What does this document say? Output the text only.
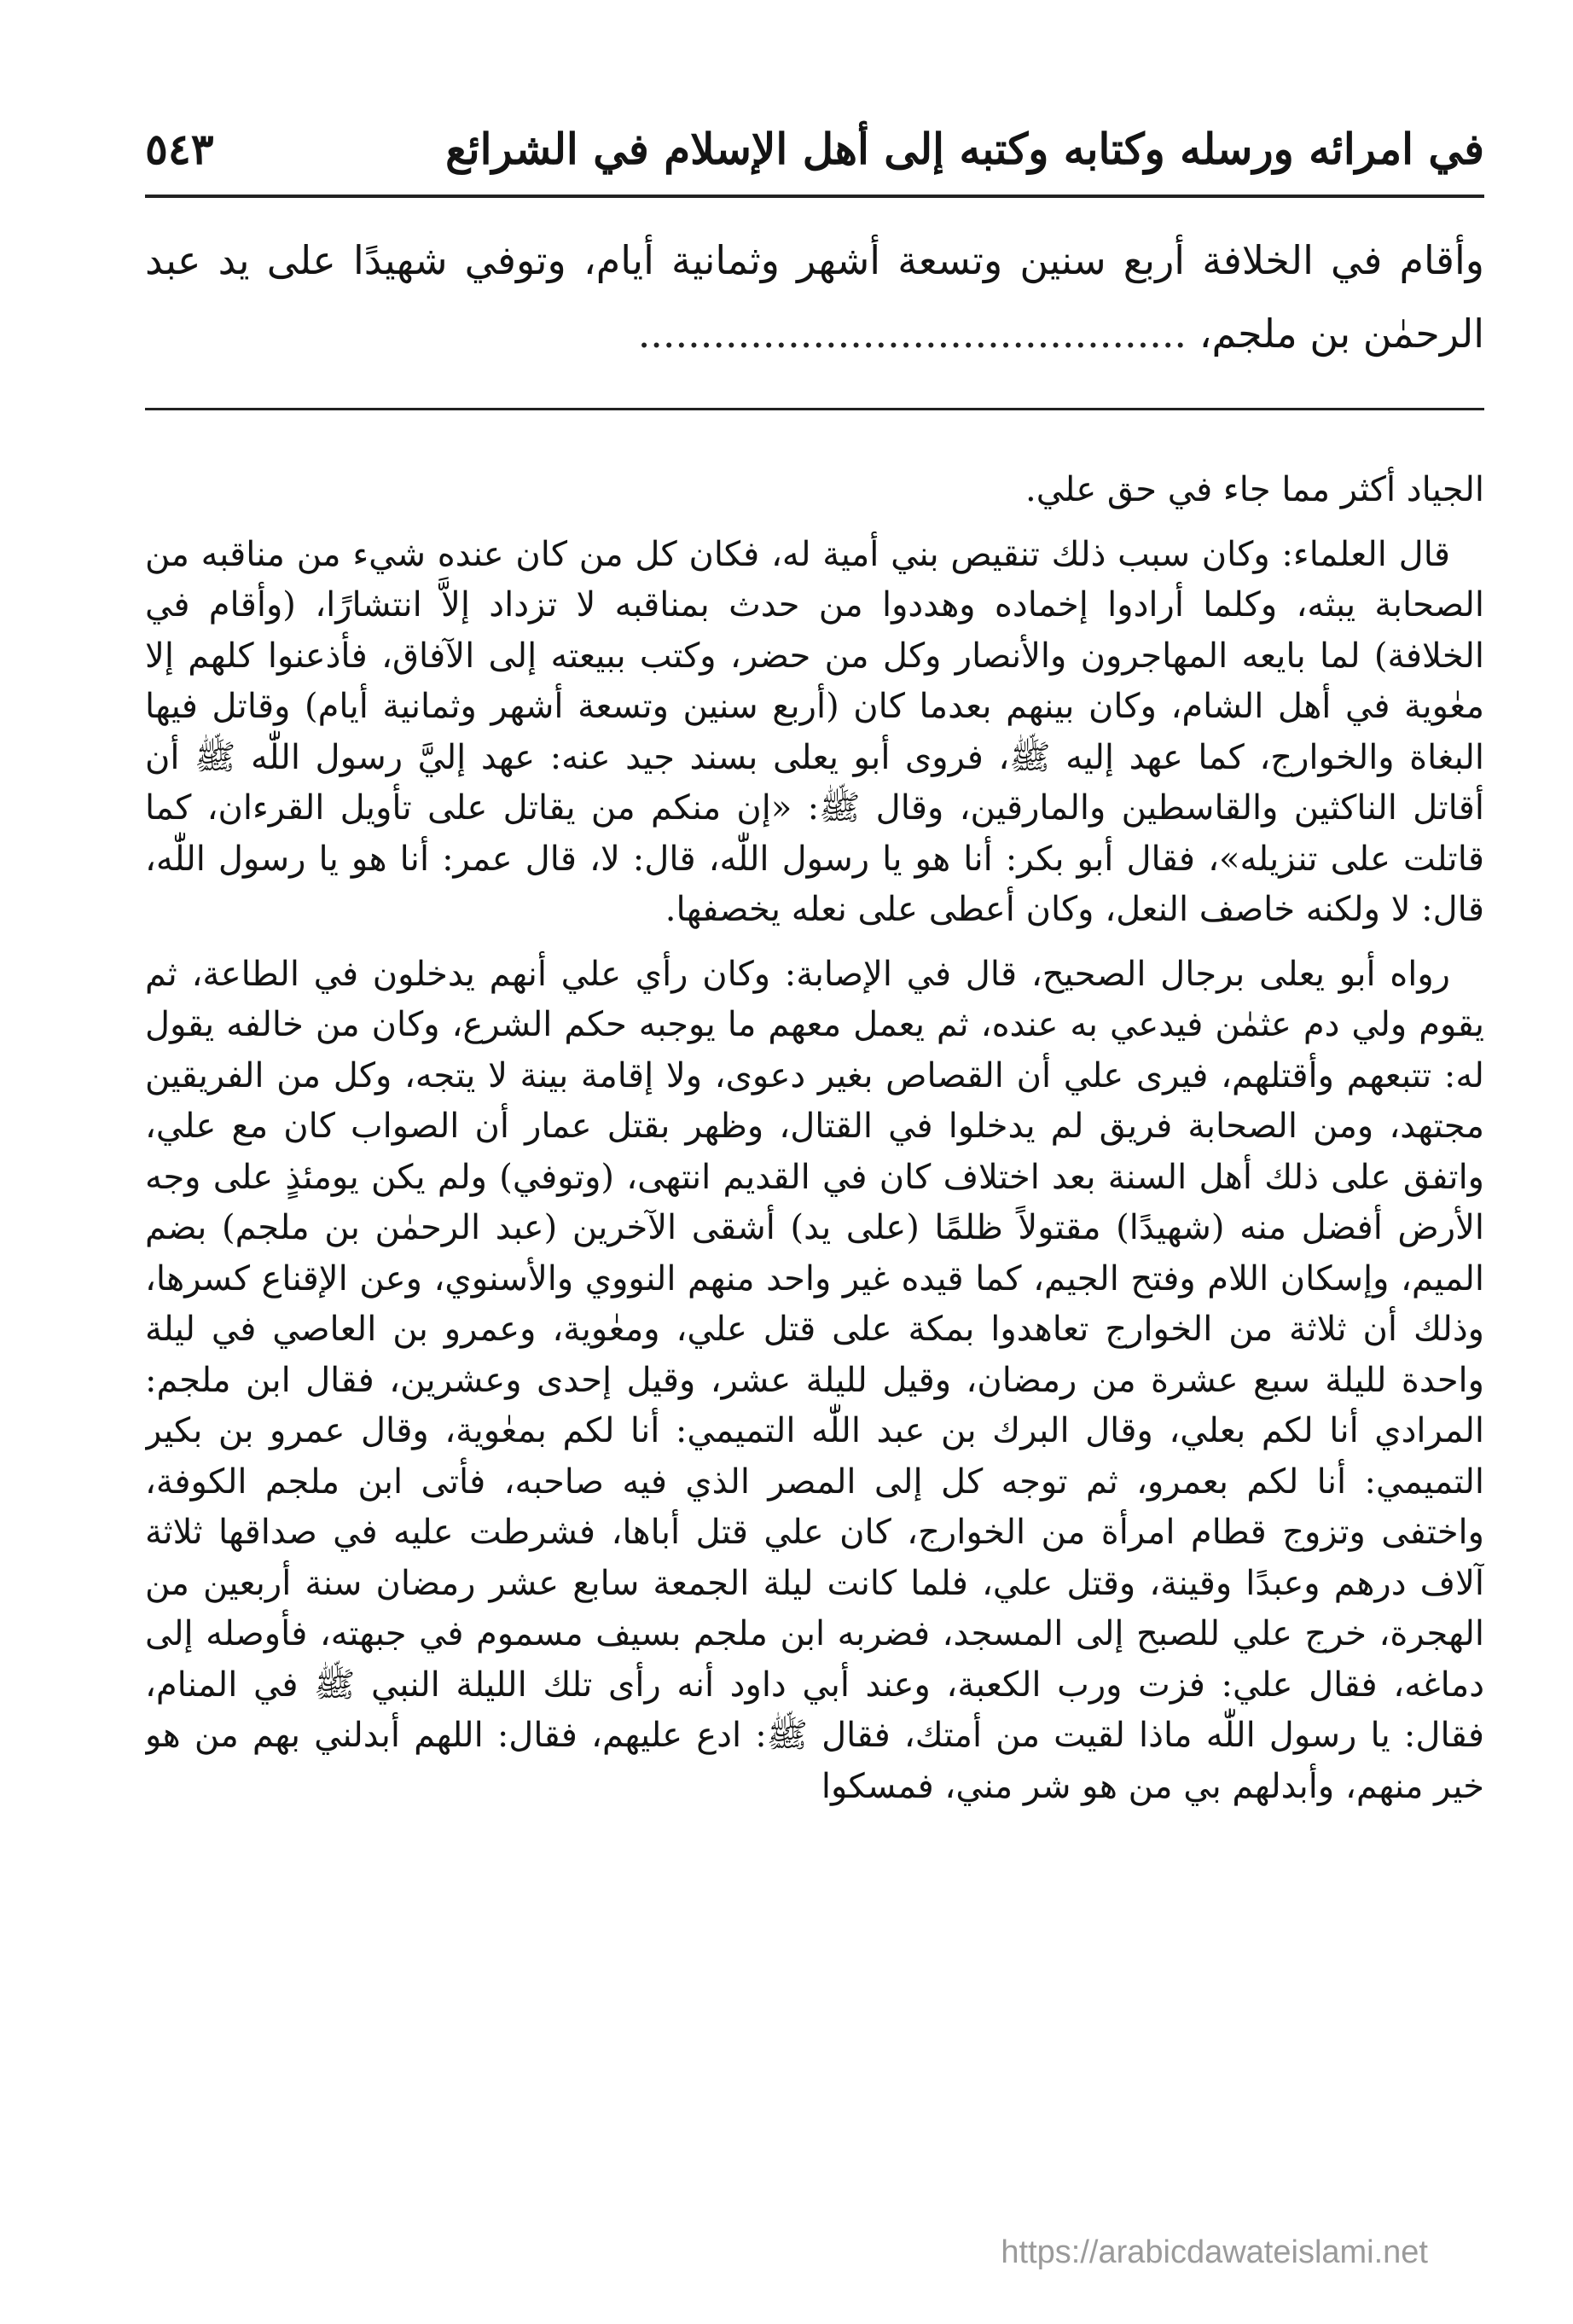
في امرائه ورسله وكتابه وكتبه إلى أهل الإسلام في الشرائع
٥٤٣
وأقام في الخلافة أربع سنين وتسعة أشهر وثمانية أيام، وتوفي شهيدًا على يد عبد الرحمٰن بن ملجم، ............................................

الجياد أكثر مما جاء في حق علي.

قال العلماء: وكان سبب ذلك تنقيص بني أمية له، فكان كل من كان عنده شيء من مناقبه من الصحابة يبثه، وكلما أرادوا إخماده وهددوا من حدث بمناقبه لا تزداد إلاَّ انتشارًا، (وأقام في الخلافة) لما بايعه المهاجرون والأنصار وكل من حضر، وكتب ببيعته إلى الآفاق، فأذعنوا كلهم إلا معٰوية في أهل الشام، وكان بينهم بعدما كان (أربع سنين وتسعة أشهر وثمانية أيام) وقاتل فيها البغاة والخوارج، كما عهد إليه ﷺ، فروى أبو يعلى بسند جيد عنه: عهد إليَّ رسول اللّٰه ﷺ أن أقاتل الناكثين والقاسطين والمارقين، وقال ﷺ: «إن منكم من يقاتل على تأويل القرءان، كما قاتلت على تنزيله»، فقال أبو بكر: أنا هو يا رسول اللّٰه، قال: لا، قال عمر: أنا هو يا رسول اللّٰه، قال: لا ولكنه خاصف النعل، وكان أعطى على نعله يخصفها.

رواه أبو يعلى برجال الصحيح، قال في الإصابة: وكان رأي علي أنهم يدخلون في الطاعة، ثم يقوم ولي دم عثمٰن فيدعي به عنده، ثم يعمل معهم ما يوجبه حكم الشرع، وكان من خالفه يقول له: تتبعهم وأقتلهم، فيرى علي أن القصاص بغير دعوى، ولا إقامة بينة لا يتجه، وكل من الفريقين مجتهد، ومن الصحابة فريق لم يدخلوا في القتال، وظهر بقتل عمار أن الصواب كان مع علي، واتفق على ذلك أهل السنة بعد اختلاف كان في القديم انتهى، (وتوفي) ولم يكن يومئذٍ على وجه الأرض أفضل منه (شهيدًا) مقتولاً ظلمًا (على يد) أشقى الآخرين (عبد الرحمٰن بن ملجم) بضم الميم، وإسكان اللام وفتح الجيم، كما قيده غير واحد منهم النووي والأسنوي، وعن الإقناع كسرها، وذلك أن ثلاثة من الخوارج تعاهدوا بمكة على قتل علي، ومعٰوية، وعمرو بن العاصي في ليلة واحدة لليلة سبع عشرة من رمضان، وقيل لليلة عشر، وقيل إحدى وعشرين، فقال ابن ملجم: المرادي أنا لكم بعلي، وقال البرك بن عبد اللّٰه التميمي: أنا لكم بمعٰوية، وقال عمرو بن بكير التميمي: أنا لكم بعمرو، ثم توجه كل إلى المصر الذي فيه صاحبه، فأتى ابن ملجم الكوفة، واختفى وتزوج قطام امرأة من الخوارج، كان علي قتل أباها، فشرطت عليه في صداقها ثلاثة آلاف درهم وعبدًا وقينة، وقتل علي، فلما كانت ليلة الجمعة سابع عشر رمضان سنة أربعين من الهجرة، خرج علي للصبح إلى المسجد، فضربه ابن ملجم بسيف مسموم في جبهته، فأوصله إلى دماغه، فقال علي: فزت ورب الكعبة، وعند أبي داود أنه رأى تلك الليلة النبي ﷺ في المنام، فقال: يا رسول اللّٰه ماذا لقيت من أمتك، فقال ﷺ: ادع عليهم، فقال: اللهم أبدلني بهم من هو خير منهم، وأبدلهم بي من هو شر مني، فمسكوا

https://arabicdawateislami.net
